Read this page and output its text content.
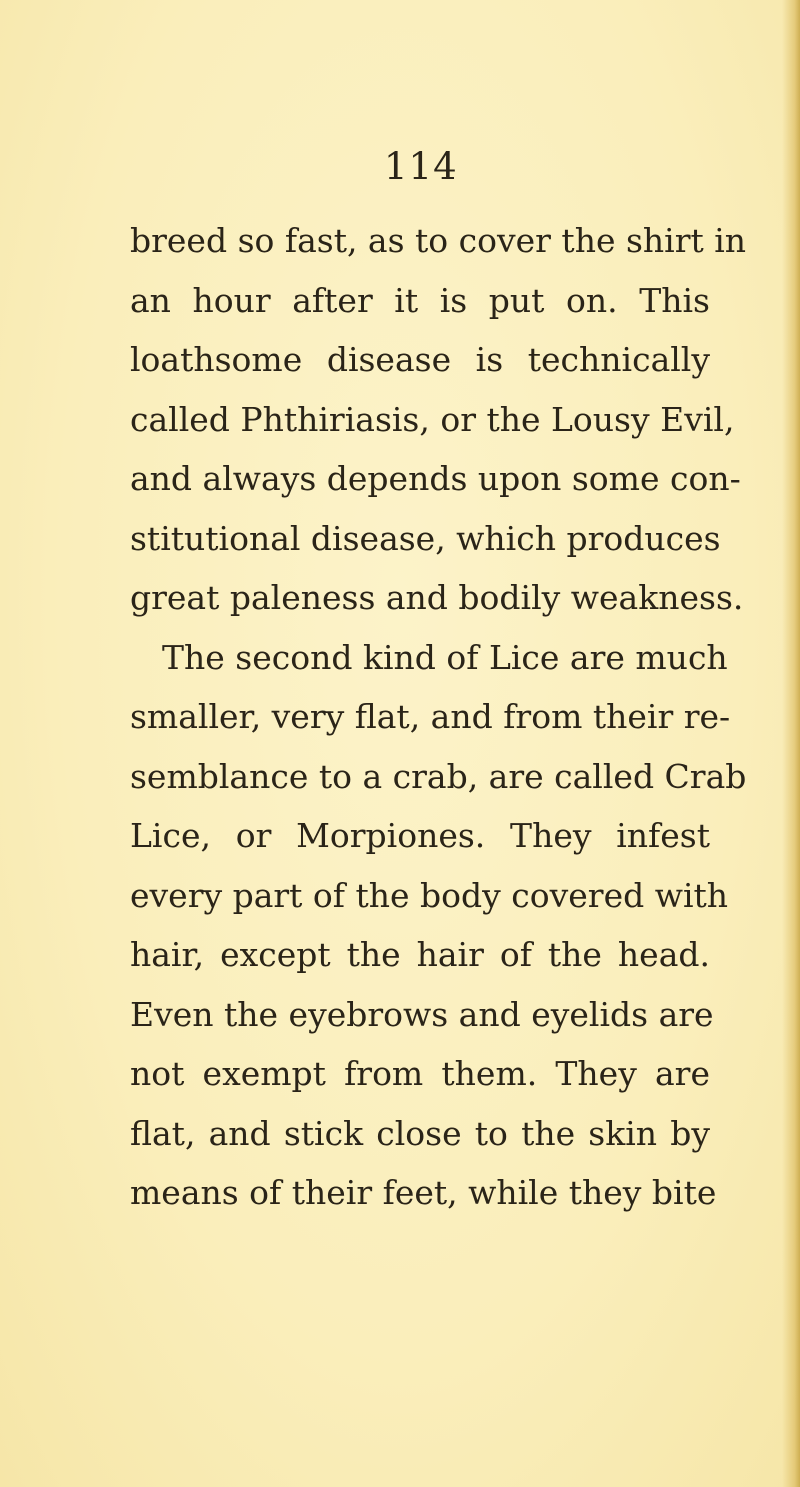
114
breed so fast, as to cover the shirt in
an hour after it is put on. This
loathsome disease is technically
called Phthiriasis, or the Lousy Evil,
and always depends upon some con-
stitutional disease, which produces
great paleness and bodily weakness.
The second kind of Lice are much
smaller, very flat, and from their re-
semblance to a crab, are called Crab
Lice, or Morpiones. They infest
every part of the body covered with
hair, except the hair of the head.
Even the eyebrows and eyelids are
not exempt from them. They are
flat, and stick close to the skin by
means of their feet, while they bite
